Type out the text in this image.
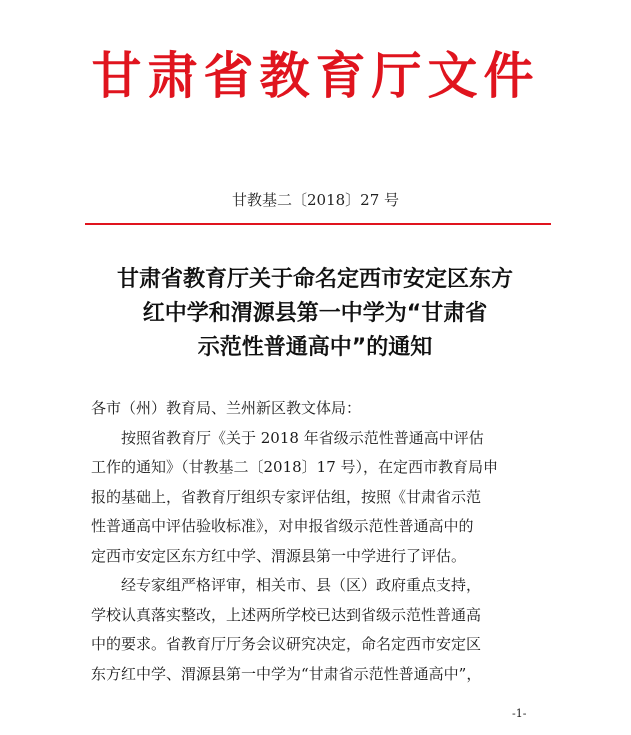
甘肃省教育厅文件
甘教基二〔2018〕27 号
甘肃省教育厅关于命名定西市安定区东方
红中学和渭源县第一中学为“甘肃省
示范性普通高中”的通知
各市（州）教育局、兰州新区教文体局：
按照省教育厅《关于 2018 年省级示范性普通高中评估
工作的通知》（甘教基二〔2018〕17 号），在定西市教育局申
报的基础上，省教育厅组织专家评估组，按照《甘肃省示范
性普通高中评估验收标准》，对申报省级示范性普通高中的
定西市安定区东方红中学、渭源县第一中学进行了评估。
经专家组严格评审，相关市、县（区）政府重点支持，
学校认真落实整改，上述两所学校已达到省级示范性普通高
中的要求。省教育厅厅务会议研究决定，命名定西市安定区
东方红中学、渭源县第一中学为“甘肃省示范性普通高中”，
-1-
